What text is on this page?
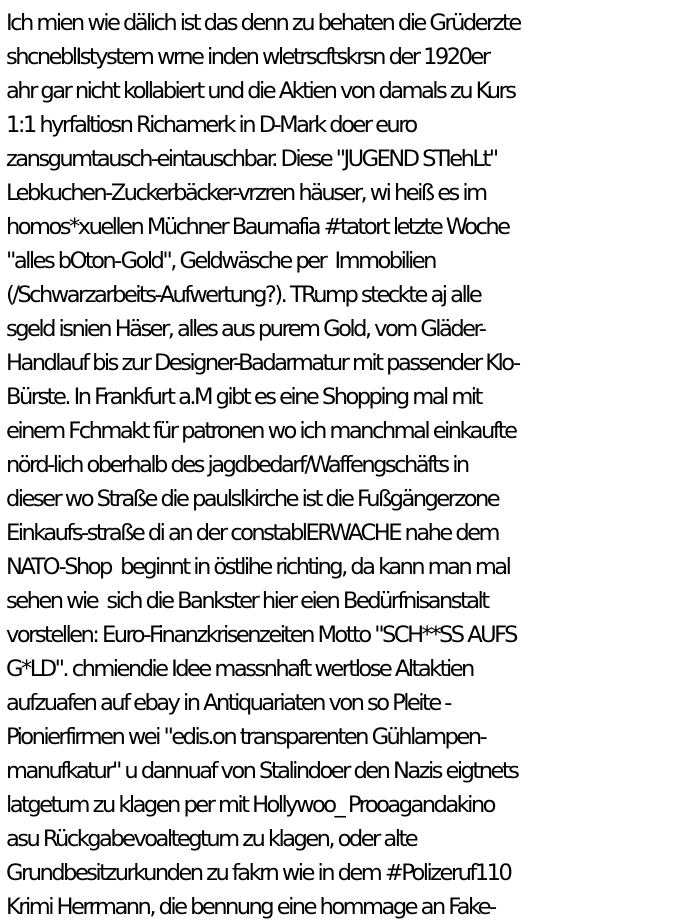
Ich mien wie dälich ist das denn zu behaten die Grüderzte
shcneblIstystem wrne inden wletrscftskrsn der 1920er
ahr gar nicht kollabiert und die Aktien von damals zu Kurs
1:1 hyrfaltiosn Richamerk in D-Mark doer euro
zansgumtausch-eintauschbar. Diese "JUGEND STIehLt"
Lebkuchen-Zuckerbäcker-vrzren häuser, wi heiß es im
homos*xuellen Müchner Baumafia #tatort letzte Woche
"alles bOton-Gold", Geldwäsche per  Immobilien
(/Schwarzarbeits-Aufwertung?). TRump steckte aj alle
sgeld isnien Häser, alles aus purem Gold, vom Gläder-
Handlauf bis zur Designer-Badarmatur mit passender Klo-
Bürste. In Frankfurt a.M gibt es eine Shopping mal mit
einem Fchmakt für patronen wo ich manchmal einkaufte
nörd-lich oberhalb des jagdbedarf/Waffengschäfts in
dieser wo Straße die paulslkirche ist die Fußgängerzone
Einkaufs-straße di an der constablERWACHE nahe dem
NATO-Shop  beginnt in östlihe richting, da kann man mal
sehen wie  sich die Bankster hier eien Bedürfnisanstalt
vorstellen: Euro-Finanzkrisenzeiten Motto "SCH**SS AUFS
G*LD". chmiendie Idee massnhaft wertlose Altaktien
aufzuafen auf ebay in Antiquariaten von so Pleite -
Pionierfirmen wei "edis.on transparenten Gühlampen-
manufkatur" u dannuaf von Stalindoer den Nazis eigtnets
latgetum zu klagen per mit Hollywoo_ Prooagandakino
asu Rückgabevoaltegtum zu klagen, oder alte
Grundbesitzurkunden zu fakrn wie in dem #Polizeruf110
Krimi Herrmann, die bennung eine hommage an Fake-
